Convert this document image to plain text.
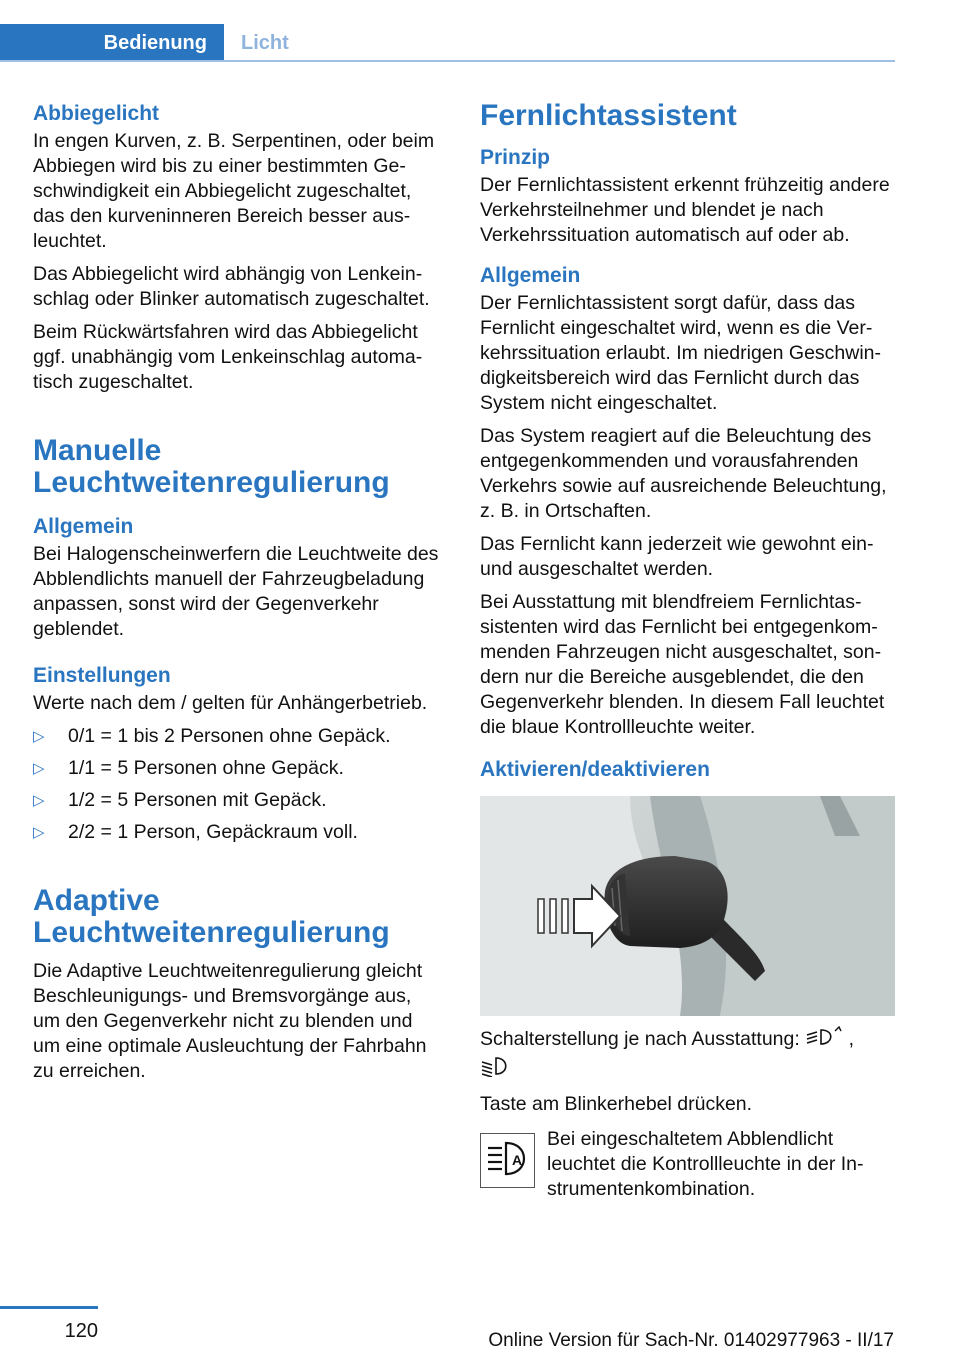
Bedienung	Licht
Abbiegelicht

In engen Kurven, z. B. Serpentinen, oder beim Abbiegen wird bis zu einer bestimmten Geschwindigkeit ein Abbiegelicht zugeschaltet, das den kurveninneren Bereich besser ausleuchtet.

Das Abbiegelicht wird abhängig von Lenkeinschlag oder Blinker automatisch zugeschaltet.

Beim Rückwärtsfahren wird das Abbiegelicht ggf. unabhängig vom Lenkeinschlag automatisch zugeschaltet.

Manuelle Leuchtweitenregulierung
Allgemein

Bei Halogenscheinwerfern die Leuchtweite des Abblendlichts manuell der Fahrzeugbeladung anpassen, sonst wird der Gegenverkehr geblendet.

Einstellungen

Werte nach dem / gelten für Anhängerbetrieb.

▷ 0/1 = 1 bis 2 Personen ohne Gepäck.
▷ 1/1 = 5 Personen ohne Gepäck.
▷ 1/2 = 5 Personen mit Gepäck.
▷ 2/2 = 1 Person, Gepäckraum voll.
Adaptive Leuchtweitenregulierung

Die Adaptive Leuchtweitenregulierung gleicht Beschleunigungs- und Bremsvorgänge aus, um den Gegenverkehr nicht zu blenden und um eine optimale Ausleuchtung der Fahrbahn zu erreichen.

Fernlichtassistent
Prinzip

Der Fernlichtassistent erkennt frühzeitig andere Verkehrsteilnehmer und blendet je nach Verkehrssituation automatisch auf oder ab.

Allgemein

Der Fernlichtassistent sorgt dafür, dass das Fernlicht eingeschaltet wird, wenn es die Verkehrssituation erlaubt. Im niedrigen Geschwindigkeitsbereich wird das Fernlicht durch das System nicht eingeschaltet.

Das System reagiert auf die Beleuchtung des entgegenkommenden und vorausfahrenden Verkehrs sowie auf ausreichende Beleuchtung, z. B. in Ortschaften.

Das Fernlicht kann jederzeit wie gewohnt ein- und ausgeschaltet werden.

Bei Ausstattung mit blendfreiem Fernlichtassistenten wird das Fernlicht bei entgegenkommenden Fahrzeugen nicht ausgeschaltet, sondern nur die Bereiche ausgeblendet, die den Gegenverkehr blenden. In diesem Fall leuchtet die blaue Kontrollleuchte weiter.

Aktivieren/deaktivieren

Schalterstellung je nach Ausstattung:	,

Taste am Blinkerhebel drücken.

A
Bei eingeschaltetem Abblendlicht leuchtet die Kontrollleuchte in der Instrumentenkombination.
120	Online Version für Sach-Nr. 01402977963 - II/17
